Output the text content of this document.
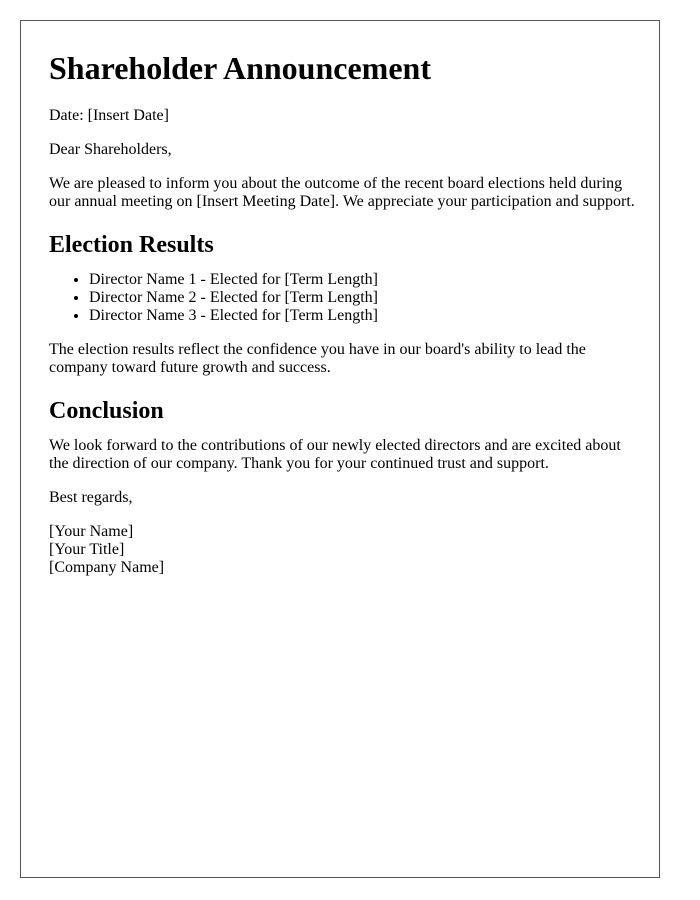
Shareholder Announcement

Date: [Insert Date]

Dear Shareholders,

We are pleased to inform you about the outcome of the recent board elections held during our annual meeting on [Insert Meeting Date]. We appreciate your participation and support.

Election Results
• Director Name 1 - Elected for [Term Length]
• Director Name 2 - Elected for [Term Length]
• Director Name 3 - Elected for [Term Length]

The election results reflect the confidence you have in our board's ability to lead the company toward future growth and success.

Conclusion

We look forward to the contributions of our newly elected directors and are excited about the direction of our company. Thank you for your continued trust and support.

Best regards,

[Your Name]
[Your Title]
[Company Name]
